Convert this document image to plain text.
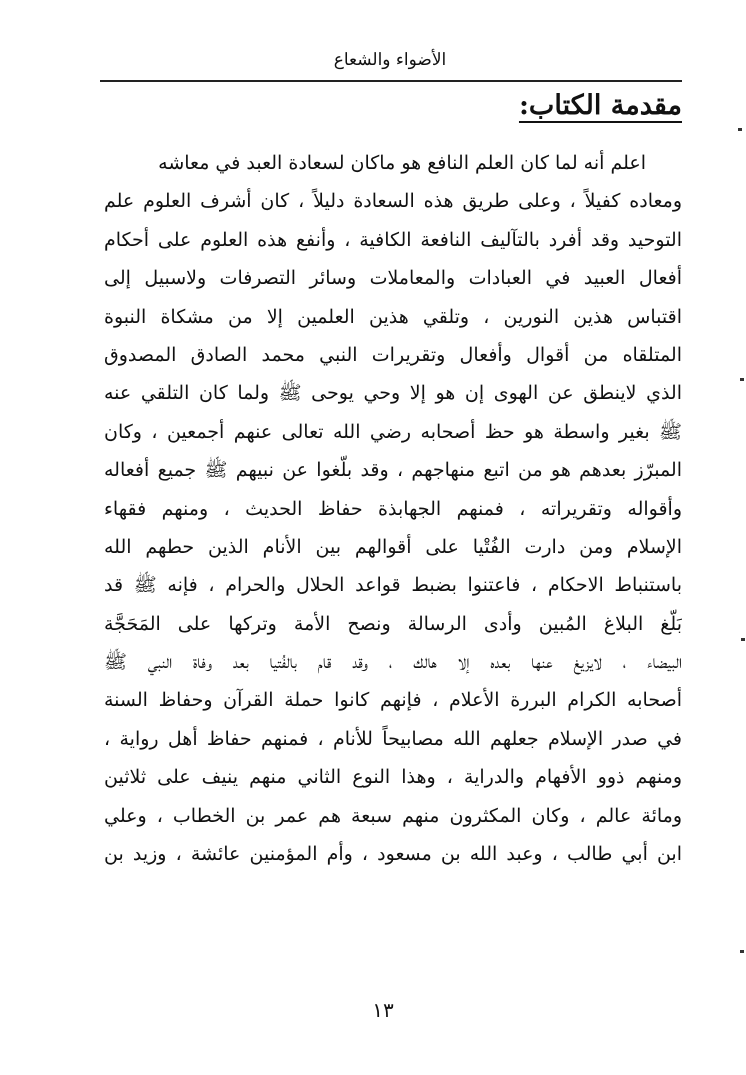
الأضواء والشعاع
مقدمة الكتاب:
اعلم أنه لما كان العلم النافع هو ماكان لسعادة العبد في معاشه
ومعاده كفيلاً ، وعلى طريق هذه السعادة دليلاً ، كان أشرف العلوم علم
التوحيد وقد أفرد بالتآليف النافعة الكافية ، وأنفع هذه العلوم على أحكام
أفعال العبيد في العبادات والمعاملات وسائر التصرفات ولاسبيل إلى
اقتباس هذين النورين ، وتلقي هذين العلمين إلا من مشكاة النبوة
المتلقاه من أقوال وأفعال وتقريرات النبي محمد الصادق المصدوق
الذي لاينطق عن الهوى إن هو إلا وحي يوحى ﷺ ولما كان التلقي عنه
ﷺ بغير واسطة هو حظ أصحابه رضي الله تعالى عنهم أجمعين ، وكان
المبرّز بعدهم هو من اتبع منهاجهم ، وقد بلّغوا عن نبيهم ﷺ جميع أفعاله
وأقواله وتقريراته ، فمنهم الجهابذة حفاظ الحديث ، ومنهم فقهاء
الإسلام ومن دارت الفُتْيا على أقوالهم بين الأنام الذين حطهم الله
باستنباط الاحكام ، فاعتنوا بضبط قواعد الحلال والحرام ، فإنه ﷺ قد
بَلّغ البلاغ المُبين وأدى الرسالة ونصح الأمة وتركها على المَحَجَّة
البيضاء ، لايزيغ عنها بعده إلا هالك ، وقد قام بالفُتيا بعد وفاة النبي ﷺ
أصحابه الكرام البررة الأعلام ، فإنهم كانوا حملة القرآن وحفاظ السنة
في صدر الإسلام جعلهم الله مصابيحاً للأنام ، فمنهم حفاظ أهل رواية ،
ومنهم ذوو الأفهام والدراية ، وهذا النوع الثاني منهم ينيف على ثلاثين
ومائة عالم ، وكان المكثرون منهم سبعة هم عمر بن الخطاب ، وعلي
ابن أبي طالب ، وعبد الله بن مسعود ، وأم المؤمنين عائشة ، وزيد بن
١٣
